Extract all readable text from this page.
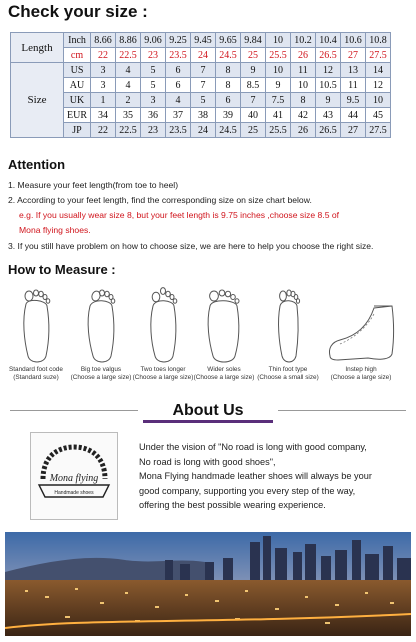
Check your size :
Length	Inch	8.66	8.86	9.06	9.25	9.45	9.65	9.84	10	10.2	10.4	10.6	10.8
	cm	22	22.5	23	23.5	24	24.5	25	25.5	26	26.5	27	27.5
Size	US	3	4	5	6	7	8	9	10	11	12	13	14
	AU	3	4	5	6	7	8	8.5	9	10	10.5	11	12
	UK	1	2	3	4	5	6	7	7.5	8	9	9.5	10
	EUR	34	35	36	37	38	39	40	41	42	43	44	45
	JP	22	22.5	23	23.5	24	24.5	25	25.5	26	26.5	27	27.5
Attention
1. Measure your feet length(from toe to heel)
2. According to your feet length, find the corresponding size on size chart below.
e.g. If you usually wear size 8, but your feet length is 9.75 inches ,choose size 8.5 of
Mona flying shoes.
3. If you still have problem on how to choose size, we are here to help you choose the right size.
How to Measure :
Standard foot code
(Standard suze)
Big toe valgus
(Choose a large size)
Two toes longer
(Choose a large size)
Wider soles
(Choose a large size)
Thin foot type
(Choose a small size)
Instep high
(Choose a large size)
About Us
Mona flying
Handmade shoes
Under the vision of "No road is long with good company,
No road is long with good shoes",
Mona Flying handmade leather shoes will always be your
good company, supporting you every step of the way,
offering the best possible wearing experience.
